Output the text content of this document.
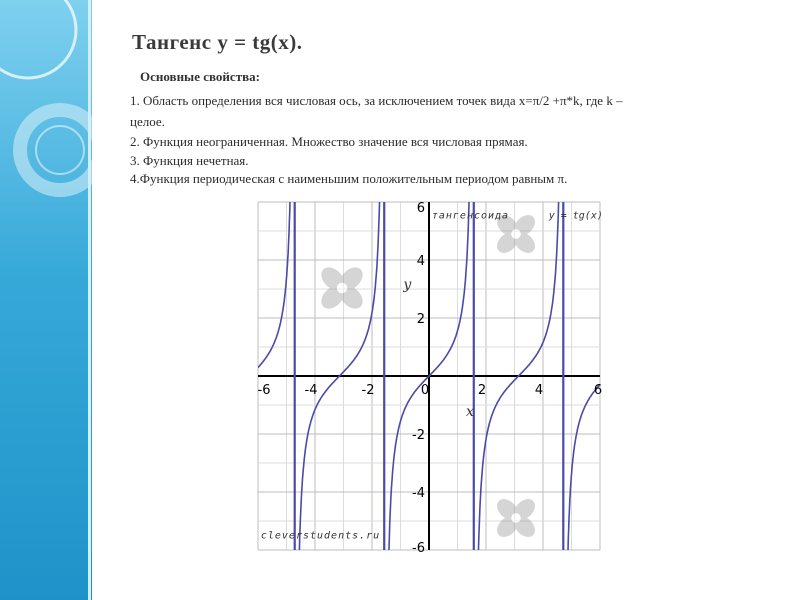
Тангенс y = tg(x).
Основные свойства:
1. Область определения вся числовая ось, за исключением точек вида x=π/2 +π*k, где k –
целое.
2. Функция неограниченная. Множество значение вся числовая прямая.
3. Функция нечетная.
4.Функция периодическая с наименьшим положительным периодом равным π.
-6	-4	-2	0	2	4	6
6
4
2
-2
-4
-6
x
y
тангенсоида	y = tg(x)
cleverstudents.ru
